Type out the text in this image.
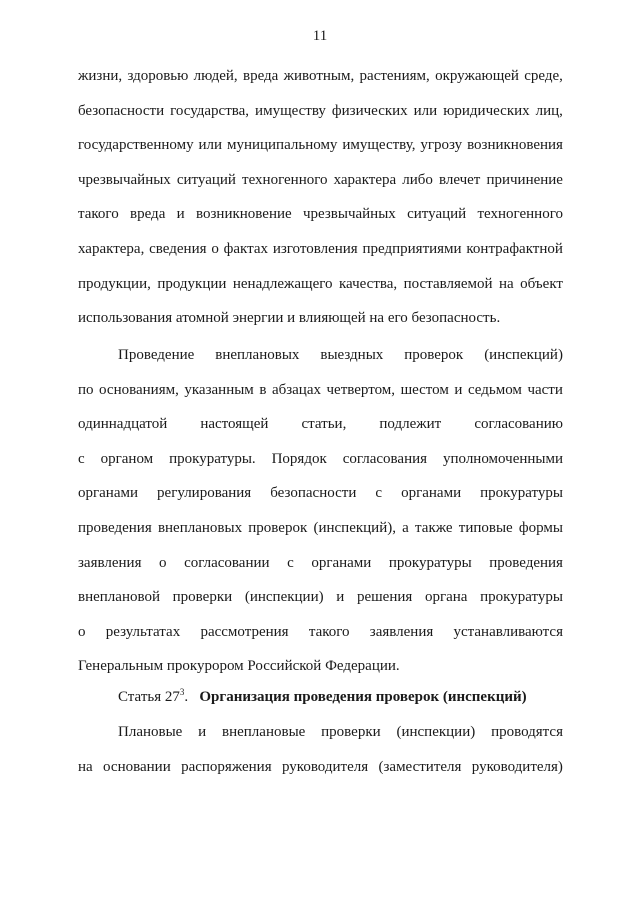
11
жизни, здоровью людей, вреда животным, растениям, окружающей среде,
безопасности государства, имуществу физических или юридических лиц,
государственному или муниципальному имуществу, угрозу возникновения
чрезвычайных ситуаций техногенного характера либо влечет причинение
такого вреда и возникновение чрезвычайных ситуаций техногенного
характера, сведения о фактах изготовления предприятиями контрафактной
продукции, продукции ненадлежащего качества, поставляемой на объект
использования атомной энергии и влияющей на его безопасность.
Проведение внеплановых выездных проверок (инспекций)
по основаниям, указанным в абзацах четвертом, шестом и седьмом части
одиннадцатой настоящей статьи, подлежит согласованию
с органом прокуратуры. Порядок согласования уполномоченными
органами регулирования безопасности с органами прокуратуры
проведения внеплановых проверок (инспекций), а также типовые формы
заявления о согласовании с органами прокуратуры проведения
внеплановой проверки (инспекции) и решения органа прокуратуры
о результатах рассмотрения такого заявления устанавливаются
Генеральным прокурором Российской Федерации.
Статья $27^3$.   Организация проведения проверок (инспекций)
Плановые и внеплановые проверки (инспекции) проводятся
на основании распоряжения руководителя (заместителя руководителя)
